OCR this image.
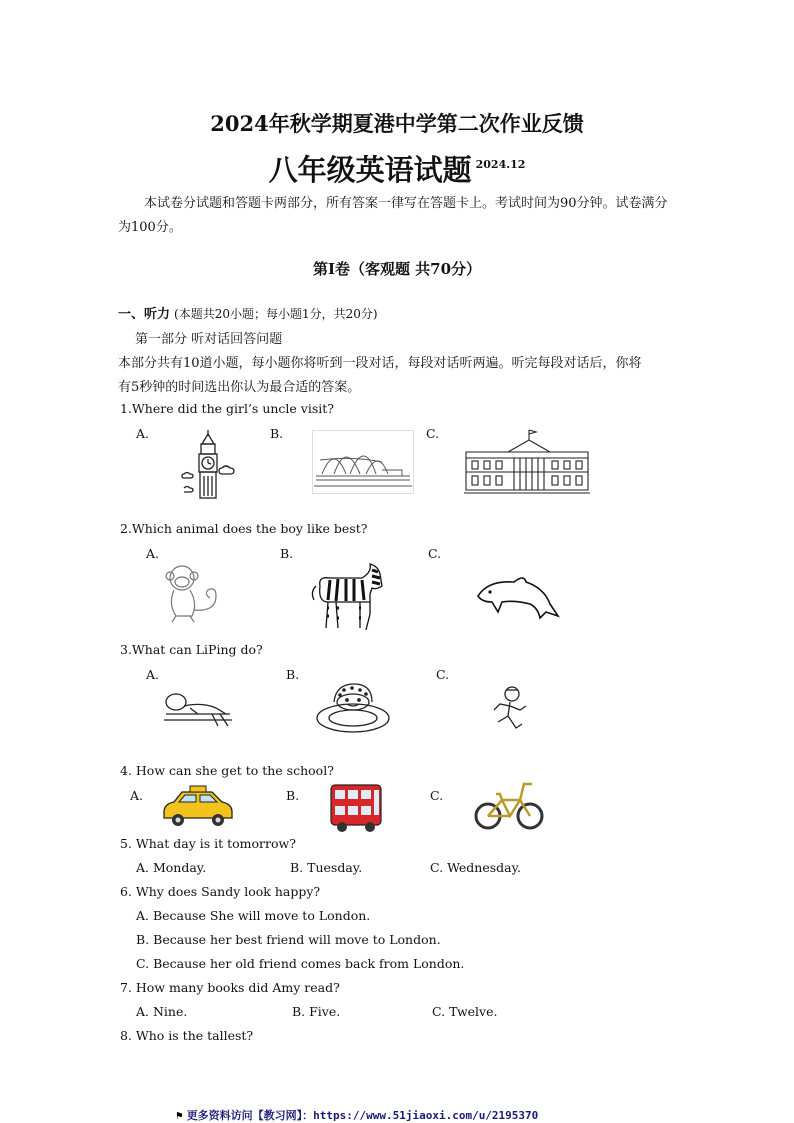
2024年秋学期夏港中学第二次作业反馈
八年级英语试题 $^{2024.12}$
本试卷分试题和答题卡两部分，所有答案一律写在答题卡上。考试时间为90分钟。试卷满分为100分。
第Ⅰ卷（客观题 共70分）
一、听力 (本题共20小题；每小题1分，共20分)
第一部分 听对话回答问题
本部分共有10道小题，每小题你将听到一段对话，每段对话听两遍。听完每段对话后，你将
有5秒钟的时间选出你认为最合适的答案。
1.Where did the girl’s uncle visit?
A.	B.	C.
2.Which animal does the boy like best?
A.	B.	C.
3.What can LiPing do?
A.	B.	C.
4. How can she get to the school?
A.	B.	C.
5. What day is it tomorrow?
A. Monday.	B. Tuesday.	C. Wednesday.
6. Why does Sandy look happy?
A. Because She will move to London.
B. Because her best friend will move to London.
C. Because her old friend comes back from London.
7. How many books did Amy read?
A. Nine.	B. Five.	C. Twelve.
8. Who is the tallest?
⚑ 更多资料访问【教习网】：https://www.51jiaoxi.com/u/2195370
